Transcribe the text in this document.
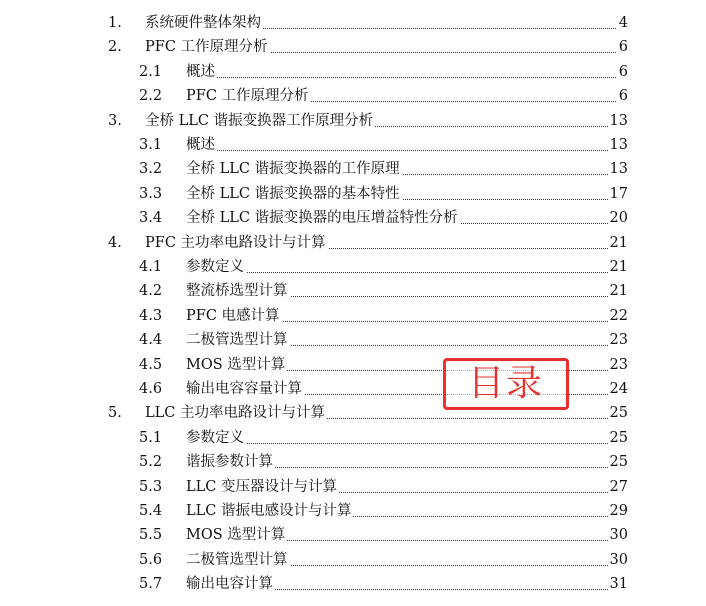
1. 系统硬件整体架构	4
2. PFC 工作原理分析	6
2.1 概述	6
2.2 PFC 工作原理分析	6
3. 全桥 LLC 谐振变换器工作原理分析	13
3.1 概述	13
3.2 全桥 LLC 谐振变换器的工作原理	13
3.3 全桥 LLC 谐振变换器的基本特性	17
3.4 全桥 LLC 谐振变换器的电压增益特性分析	20
4. PFC 主功率电路设计与计算	21
4.1 参数定义	21
4.2 整流桥选型计算	21
4.3 PFC 电感计算	22
4.4 二极管选型计算	23
4.5 MOS 选型计算	23
4.6 输出电容容量计算	24
5. LLC 主功率电路设计与计算	25
5.1 参数定义	25
5.2 谐振参数计算	25
5.3 LLC 变压器设计与计算	27
5.4 LLC 谐振电感设计与计算	29
5.5 MOS 选型计算	30
5.6 二极管选型计算	30
5.7 输出电容计算	31
目录
